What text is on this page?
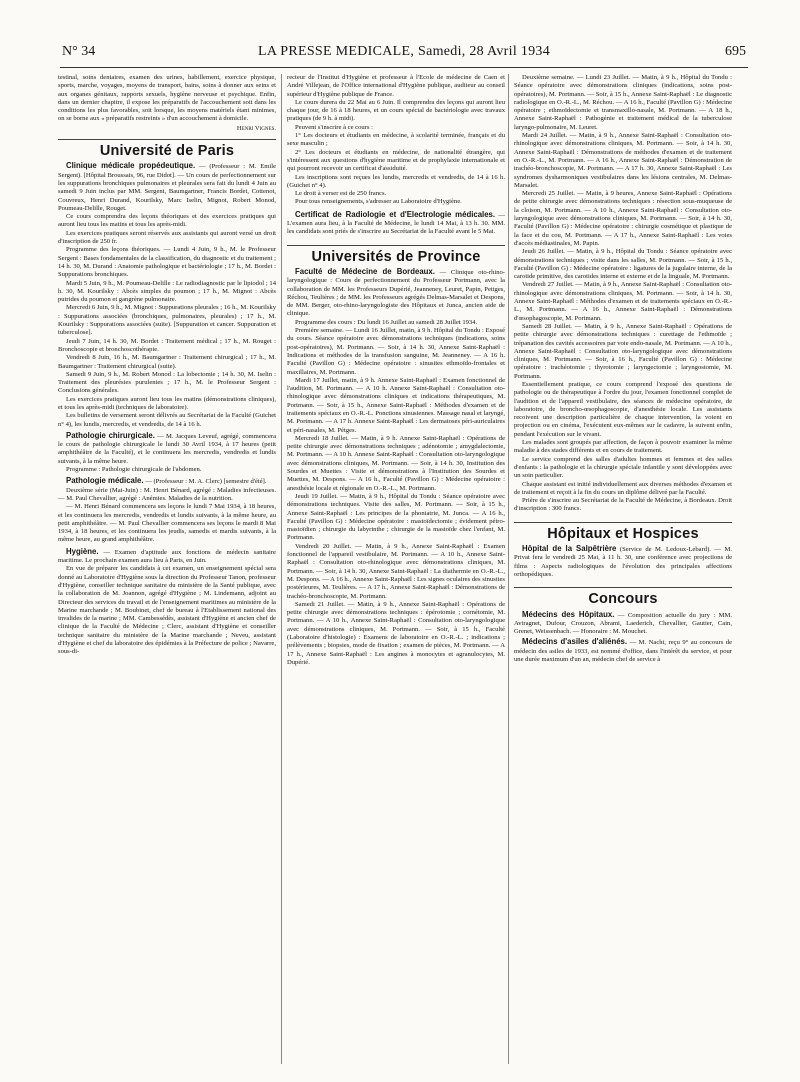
N° 34	LA PRESSE MEDICALE, Samedi, 28 Avril 1934	695

testinal, soins dentaires, examen des urines, habillement, exercice physique, sports, marche, voyages, moyens de transport, bains, soins à donner aux seins et aux organes génitaux, rapports sexuels, hygiène nerveuse et psychique. Enfin, dans un dernier chapitre, il expose les préparatifs de l'accouchement soit dans les conditions les plus favorables, soit lorsque, les moyens matériels étant minimes, on se borne aux « préparatifs restreints » d'un accouchement à domicile.

Henri Vignes.

Université de Paris
Clinique médicale propédeutique. — (Professeur : M. Emile Sergent). [Hôpital Broussais, 96, rue Didot]. — Un cours de perfectionnement sur les suppurations bronchiques pulmonaires et pleurales sera fait du lundi 4 Juin au samedi 9 Juin inclus par MM. Sergent, Baumgartner, Francis Bordet, Cottenot, Couvreux, Henri Durand, Kourilsky, Marc Iselin, Mignot, Robert Monod, Poumeau-Delille, Rouget.

Ce cours comprendra des leçons théoriques et des exercices pratiques qui auront lieu tous les matins et tous les après-midi.

Les exercices pratiques seront réservés aux assistants qui auront versé un droit d'inscription de 250 fr.

Programme des leçons théoriques. — Lundi 4 Juin, 9 h., M. le Professeur Sergent : Bases fondamentales de la classification, du diagnostic et du traitement ; 14 h. 30, M. Durand : Anatomie pathologique et bactériologie ; 17 h., M. Bordet : Suppurations bronchiques.

Mardi 5 Juin, 9 h., M. Poumeau-Delille : Le radiodiagnostic par le lipiodol ; 14 h. 30, M. Kourilsky : Abcès simples du poumon ; 17 h., M. Mignot : Abcès putrides du poumon et gangrène pulmonaire.

Mercredi 6 Juin, 9 h., M. Mignot : Suppurations pleurales ; 16 h., M. Kourilsky : Suppurations associées (bronchiques, pulmonaires, pleurales) ; 17 h., M. Kourilsky : Suppurations associées (suite). [Suppuration et cancer. Suppuration et tuberculose].

Jeudi 7 Juin, 14 h. 30, M. Bordet : Traitement médical ; 17 h., M. Rouget : Bronchoscopie et bronchoscothérapie.

Vendredi 8 Juin, 16 h., M. Baumgartner : Traitement chirurgical ; 17 h., M. Baumgartner : Traitement chirurgical (suite).

Samedi 9 Juin, 9 h., M. Robert Monod : La lobectomie ; 14 h. 30, M. Iselin : Traitement des pleurésies purulentes ; 17 h., M. le Professeur Sergent : Conclusions générales.

Les exercices pratiques auront lieu tous les matins (démonstrations cliniques), et tous les après-midi (techniques de laboratoire).

Les bulletins de versement seront délivrés au Secrétariat de la Faculté (Guichet n° 4), les lundis, mercredis, et vendredis, de 14 à 16 h.

Pathologie chirurgicale. — M. Jacques Leveuf, agrégé, commencera le cours de pathologie chirurgicale le lundi 30 Avril 1934, à 17 heures (petit amphithéâtre de la Faculté), et le continuera les mercredis, vendredis et lundis suivants, à la même heure.

Programme : Pathologie chirurgicale de l'abdomen.

Pathologie médicale. — (Professeur : M. A. Clerc) [semestre d'été].

Deuxième série (Mai-Juin) : M. Henri Bénard, agrégé : Maladies infectieuses. — M. Paul Chevallier, agrégé : Anémies. Maladies de la nutrition.

— M. Henri Bénard commencera ses leçons le lundi 7 Mai 1934, à 18 heures, et les continuera les mercredis, vendredis et lundis suivants, à la même heure, au petit amphithéâtre. — M. Paul Chevallier commencera ses leçons le mardi 8 Mai 1934, à 18 heures, et les continuera les jeudis, samedis et mardis suivants, à la même heure, au grand amphithéâtre.

Hygiène. — Examen d'aptitude aux fonctions de médecin sanitaire maritime. Le prochain examen aura lieu à Paris, en Juin.

En vue de préparer les candidats à cet examen, un enseignement spécial sera donné au Laboratoire d'Hygiène sous la direction du Professeur Tanon, professeur d'Hygiène, conseiller technique sanitaire du ministère de la Santé publique, avec la collaboration de M. Joannon, agrégé d'Hygiène ; M. Lindemann, adjoint au Directeur des services du travail et de l'enseignement maritimes au ministère de la Marine marchande ; M. Boubinet, chef de bureau à l'Etablissement national des invalides de la marine ; MM. Cambessédès, assistant d'Hygiène et ancien chef de clinique de la Faculté de Médecine ; Clerc, assistant d'Hygiène et conseiller technique sanitaire du ministère de la Marine marchande ; Neveu, assistant d'Hygiène et chef du laboratoire des épidémies à la Préfecture de police ; Navarre, sous-di-

recteur de l'Institut d'Hygiène et professeur à l'Ecole de médecine de Caen et André Villejean, de l'Office international d'Hygiène publique, auditeur au conseil supérieur d'Hygiène publique de France.

Le cours durera du 22 Mai au 6 Juin. Il comprendra des leçons qui auront lieu chaque jour, de 16 à 18 heures, et un cours spécial de bactériologie avec travaux pratiques (de 9 h. à midi).

Peuvent s'inscrire à ce cours :

1° Les docteurs et étudiants en médecine, à scolarité terminée, français et du sexe masculin ;

2° Les docteurs et étudiants en médecine, de nationalité étrangère, qui s'intéressent aux questions d'hygiène maritime et de prophylaxie internationale et qui pourront recevoir un certificat d'assiduité.

Les inscriptions sont reçues les lundis, mercredis et vendredis, de 14 à 16 h. (Guichet n° 4).

Le droit à verser est de 250 francs.

Pour tous renseignements, s'adresser au Laboratoire d'Hygiène.

Certificat de Radiologie et d'Electrologie médicales. — L'examen aura lieu, à la Faculté de Médecine, le lundi 14 Mai, à 13 h. 30. MM. les candidats sont priés de s'inscrire au Secrétariat de la Faculté avant le 5 Mai.
Universités de Province
Faculté de Médecine de Bordeaux. — Clinique oto-rhino-laryngologique : Cours de perfectionnement du Professeur Portmann, avec la collaboration de MM. les Professeurs Dupérié, Jeanneney, Leuret, Papin, Pettges, Réchou, Teulières ; de MM. les Professeurs agrégés Delmas-Marsalet et Despons, de MM. Berger, oto-rhino-laryngologiste des Hôpitaux et Junca, ancien aide de clinique.

Programme des cours : Du lundi 16 Juillet au samedi 28 Juillet 1934.

Première semaine. — Lundi 16 Juillet, matin, à 9 h. Hôpital du Tondu : Exposé du cours. Séance opératoire avec démonstrations techniques (indications, soins post-opératoires), M. Portmann. — Soir, à 14 h. 30, Annexe Saint-Raphaël : Indications et méthodes de la transfusion sanguine, M. Jeanneney. — A 16 h. Faculté (Pavillon G) : Médecine opératoire : sinusites ethmoïdo-frontales et maxillaires, M. Portmann.

Mardi 17 Juillet, matin, à 9 h. Annexe Saint-Raphaël : Examen fonctionnel de l'audition, M. Portmann. — A 10 h. Annexe Saint-Raphaël : Consultation oto-rhinologique avec démonstrations cliniques et indications thérapeutiques, M. Portmann. — Soir, à 15 h., Annexe Saint-Raphaël : Méthodes d'examen et de traitements spéciaux en O.-R.-L. Ponctions sinusiennes. Massage nasal et laryngé, M. Portmann. — A 17 h. Annexe Saint-Raphaël : Les dermatoses péri-auriculaires et péri-nasales, M. Pétges.

Mercredi 18 Juillet. — Matin, à 9 h. Annexe Saint-Raphaël : Opérations de petite chirurgie avec démonstrations techniques ; adénotomie ; amygdalectomie, M. Portmann. — A 10 h. Annexe Saint-Raphaël : Consultation oto-laryngologique avec démonstrations cliniques, M. Portmann. — Soir, à 14 h. 30, Institution des Sourdes et Muettes : Visite et démonstrations à l'Institution des Sourdes et Muettes, M. Despons. — A 16 h., Faculté (Pavillon G) : Médecine opératoire : anesthésie locale et régionale en O.-R.-L., M. Portmann.

Jeudi 19 Juillet. — Matin, à 9 h., Hôpital du Tondu : Séance opératoire avec démonstrations techniques. Visite des salles, M. Portmann. — Soir, à 15 h., Annexe Saint-Raphaël : Les principes de la phoniatrie, M. Junca. — A 16 h., Faculté (Pavillon G) : Médecine opératoire : mastoïdectomie ; évidement pétro-mastoïdien ; chirurgie du labyrinthe ; chirurgie de la mastoïde chez l'enfant, M. Portmann.

Vendredi 20 Juillet. — Matin, à 9 h., Annexe Saint-Raphaël : Examen fonctionnel de l'appareil vestibulaire, M. Portmann. — A 10 h., Annexe Saint-Raphaël : Consultation oto-rhinologique avec démonstrations cliniques, M. Portmann. — Soir, à 14 h. 30, Annexe Saint-Raphaël : La diathermie en O.-R.-L., M. Despons. — A 16 h., Annexe Saint-Raphaël : Les signes oculaires des sinusites postérieures, M. Teulières. — A 17 h., Annexe Saint-Raphaël : Démonstrations de trachéo-bronchoscopie, M. Portmann.

Samedi 21 Juillet. — Matin, à 9 h., Annexe Saint-Raphaël : Opérations de petite chirurgie avec démonstrations techniques : épérotomie ; cornétomie, M. Portmann. — A 10 h., Annexe Saint-Raphaël : Consultation oto-laryngologique avec démonstrations cliniques, M. Portmann. — Soir, à 15 h., Faculté (Laboratoire d'histologie) : Examens de laboratoire en O.-R.-L. ; indications ; prélèvements ; biopsies, mode de fixation ; examen de pièces, M. Portmann. — A 17 h., Annexe Saint-Raphaël : Les angines à monocytes et agranulocytes, M. Dupérié.

Deuxième semaine. — Lundi 23 Juillet. — Matin, à 9 h., Hôpital du Tondu : Séance opératoire avec démonstrations cliniques (indications, soins post-opératoires), M. Portmann. — Soir, à 15 h., Annexe Saint-Raphaël : Le diagnostic radiologique en O.-R.-L., M. Réchou. — A 16 h., Faculté (Pavillon G) : Médecine opératoire ; ethmoïdectomie et transmaxillo-nasale, M. Portmann. — A 18 h., Annexe Saint-Raphaël : Pathogénie et traitement médical de la tuberculose laryngo-pulmonaire, M. Leuret.

Mardi 24 Juillet. — Matin, à 9 h., Annexe Saint-Raphaël : Consultation oto-rhinologique avec démonstrations cliniques, M. Portmann. — Soir, à 14 h. 30, Annexe Saint-Raphaël : Démonstrations de méthodes d'examen et de traitement en O.-R.-L., M. Portmann. — A 16 h., Annexe Saint-Raphaël : Démonstration de trachéo-bronchoscopie, M. Portmann. — A 17 h. 30, Annexe Saint-Raphaël : Les syndromes dysharmoniques vestibulaires dans les lésions centrales, M. Delmas-Marsalet.

Mercredi 25 Juillet. — Matin, à 9 heures, Annexe Saint-Raphaël : Opérations de petite chirurgie avec démonstrations techniques : résection sous-muqueuse de la cloison, M. Portmann. — A 10 h., Annexe Saint-Raphaël : Consultation oto-laryngologique avec démonstrations cliniques, M. Portmann. — Soir, à 14 h. 30, Faculté (Pavillon G) : Médecine opératoire : chirurgie cosmétique et plastique de la face et du cou, M. Portmann. — A 17 h., Annexe Saint-Raphaël : Les voies d'accès médiastinales, M. Papin.

Jeudi 26 Juillet. — Matin, à 9 h., Hôpital du Tondu : Séance opératoire avec démonstrations techniques ; visite dans les salles, M. Portmann. — Soir, à 15 h., Faculté (Pavillon G) : Médecine opératoire : ligatures de la jugulaire interne, de la carotide primitive, des carotides interne et externe et de la linguale, M. Portmann.

Vendredi 27 Juillet. — Matin, à 9 h., Annexe Saint-Raphaël : Consultation oto-rhinologique avec démonstrations cliniques, M. Portmann. — Soir, à 14 h. 30, Annexe Saint-Raphaël : Méthodes d'examen et de traitements spéciaux en O.-R.-L., M. Portmann. — A 16 h., Annexe Saint-Raphaël : Démonstrations d'œsophagoscopie, M. Portmann.

Samedi 28 Juillet. — Matin, à 9 h., Annexe Saint-Raphaël : Opérations de petite chirurgie avec démonstrations techniques : curettage de l'ethmoïde ; trépanation des cavités accessoires par voie endo-nasale, M. Portmann. — A 10 h., Annexe Saint-Raphaël : Consultation oto-laryngologique avec démonstrations cliniques, M. Portmann. — Soir, à 16 h., Faculté (Pavillon G) : Médecine opératoire : trachéotomie ; thyrotomie ; laryngectomie ; laryngostomie, M. Portmann.

Essentiellement pratique, ce cours comprend l'exposé des questions de pathologie ou de thérapeutique à l'ordre du jour, l'examen fonctionnel complet de l'audition et de l'appareil vestibulaire, des séances de médecine opératoire, de laboratoire, de broncho-œsophagoscopie, d'anesthésie locale. Les assistants recoivent une description particulière de chaque intervention, la voient en projection ou en cinéma, l'exécutent eux-mêmes sur le cadavre, la suivent enfin, pendant l'exécution sur le vivant.

Les malades sont groupés par affection, de façon à pouvoir examiner la même maladie à des stades différents et en cours de traitement.

Le service comprend des salles d'adultes hommes et femmes et des salles d'enfants : la pathologie et la chirurgie spéciale infantile y sont développées avec un soin particulier.

Chaque assistant est initié individuellement aux diverses méthodes d'examen et de traitement et reçoit à la fin du cours un diplôme délivré par la Faculté.

Prière de s'inscrire au Secrétariat de la Faculté de Médecine, à Bordeaux. Droit d'inscription : 300 francs.

Hôpitaux et Hospices
Hôpital de la Salpêtrière (Service de M. Ledoux-Lebard). — M. Privat fera le vendredi 25 Mai, à 11 h. 30, une conférence avec projections de films : Aspects radiologiques de l'évolution des principales affections orthopédiques.
Concours
Médecins des Hôpitaux. — Composition actuelle du jury : MM. Aviragnet, Dufour, Crouzon, Abrami, Laederich, Chevallier, Gautier, Cain, Grenet, Weissenbach. — Honoraire : M. Mouchet.
Médecins d'asiles d'aliénés. — M. Nacht, reçu 9° au concours de médecin des asiles de 1933, est nommé d'office, dans l'intérêt du service, et pour une durée maximum d'un an, médecin chef de service à
